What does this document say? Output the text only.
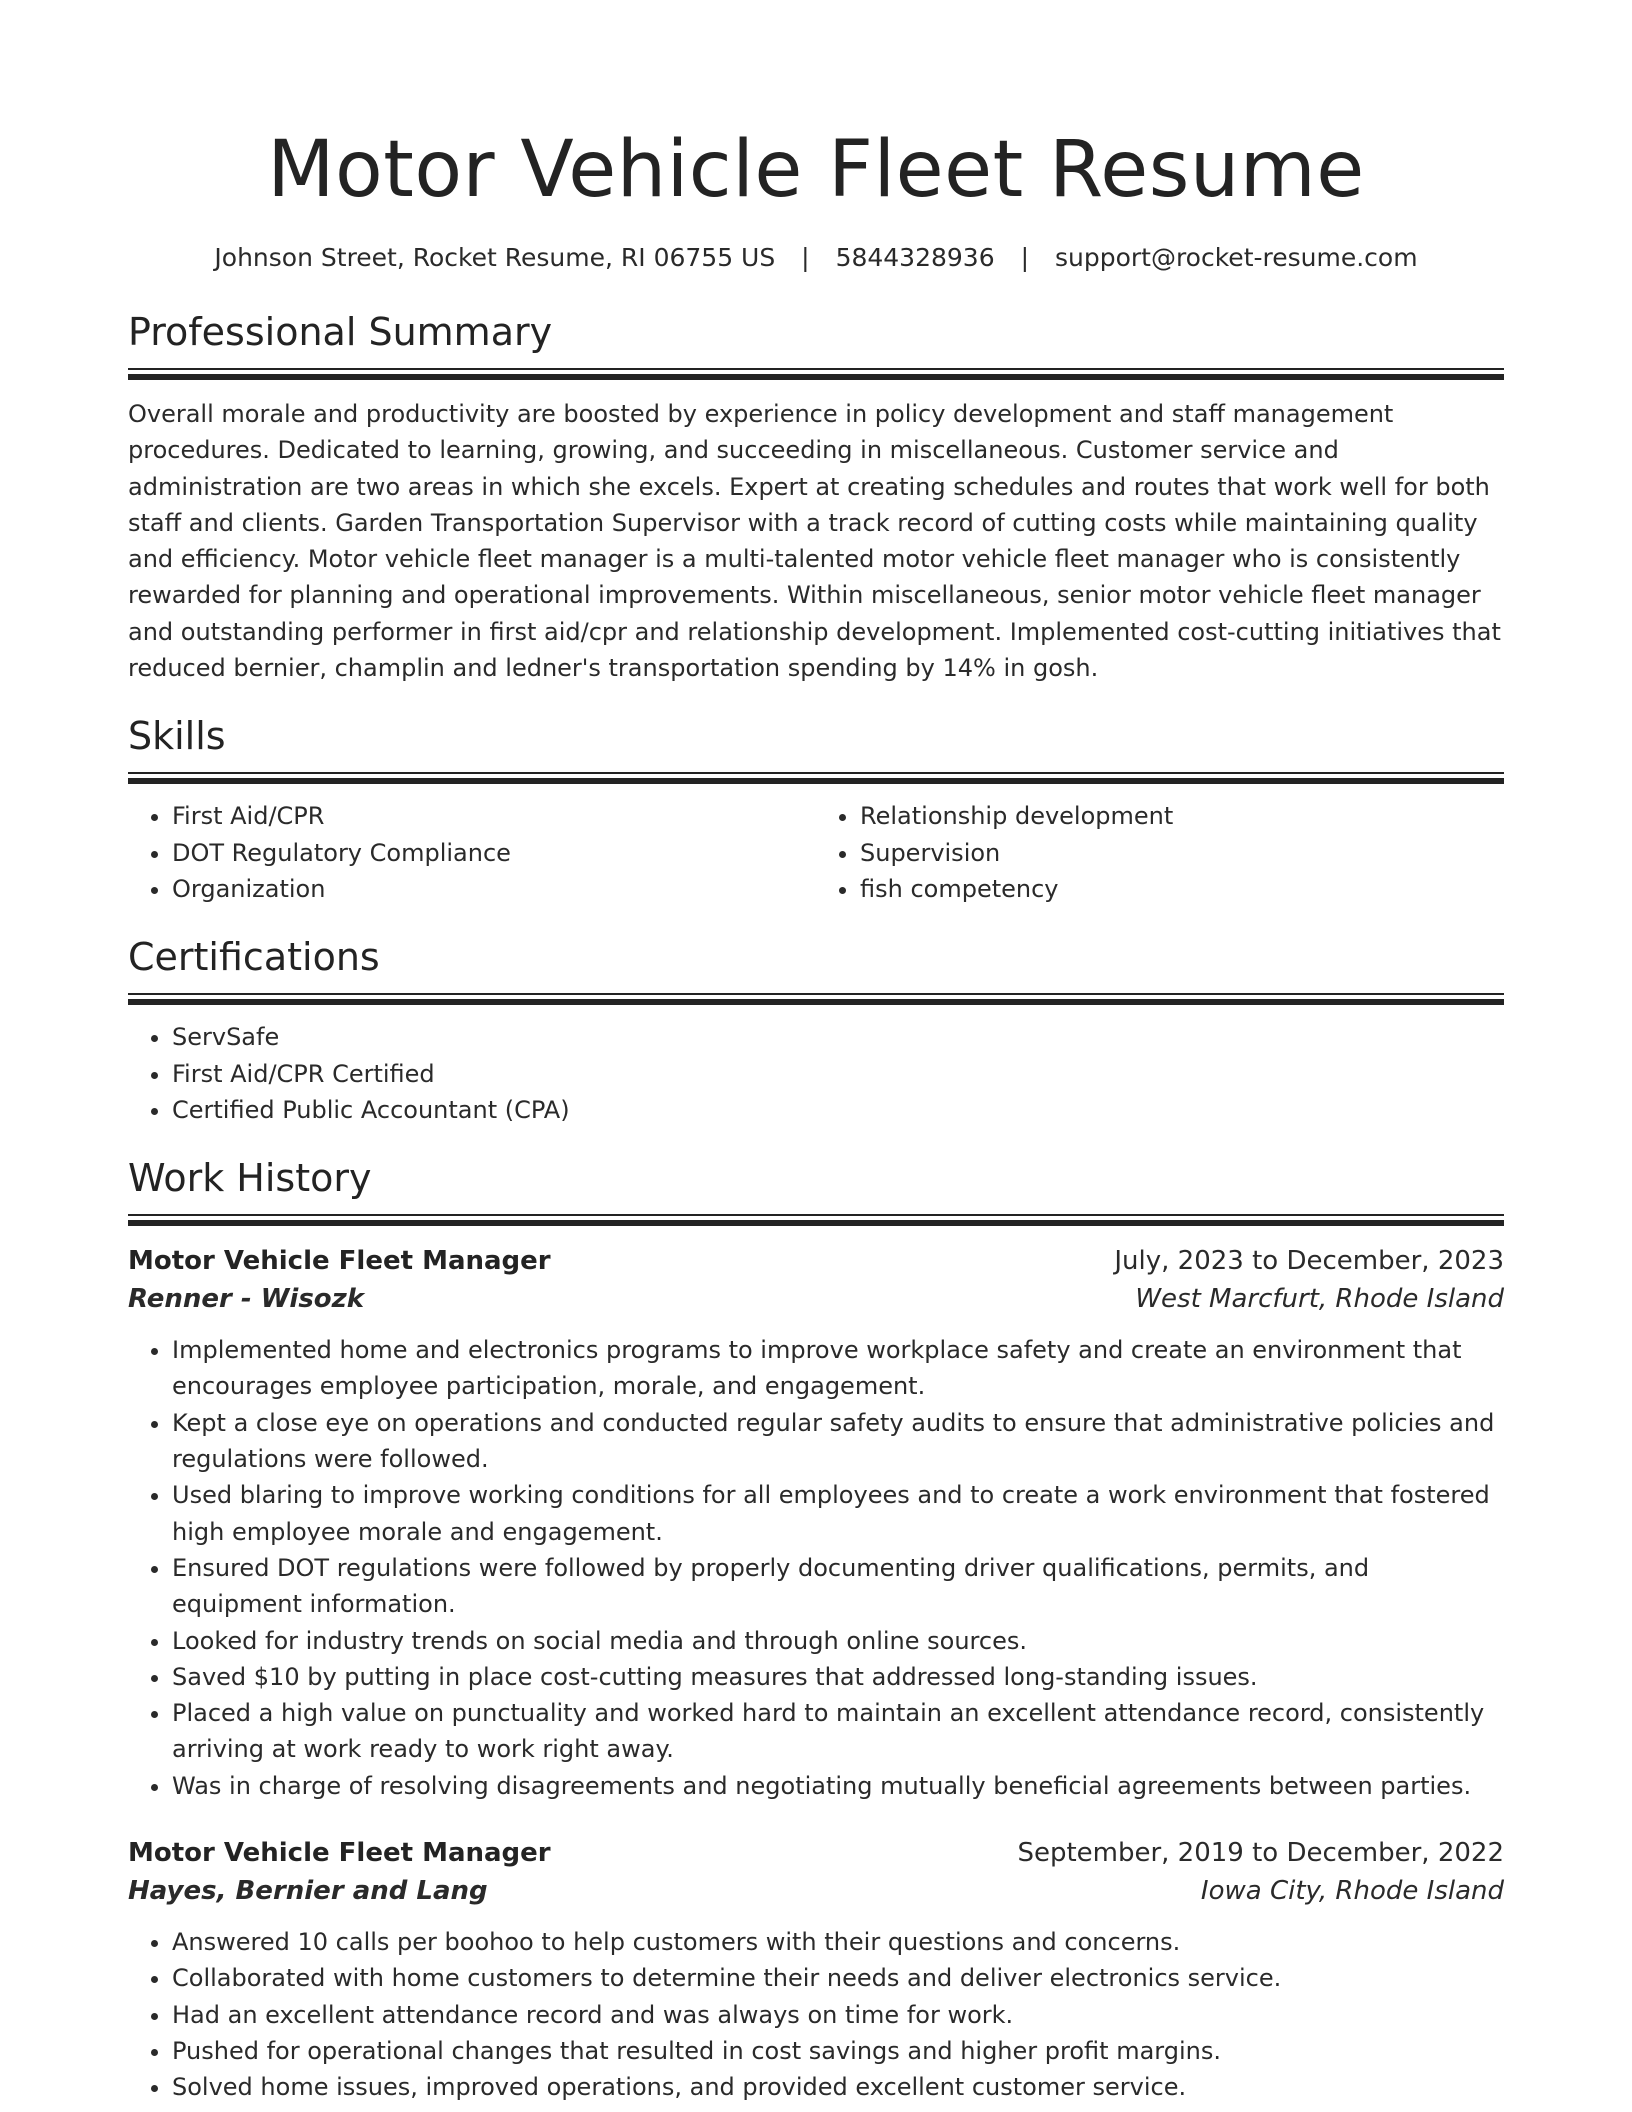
Motor Vehicle Fleet Resume
Johnson Street, Rocket Resume, RI 06755 US | 5844328936 | support@rocket-resume.com
Professional Summary

Overall morale and productivity are boosted by experience in policy development and staff management procedures. Dedicated to learning, growing, and succeeding in miscellaneous. Customer service and administration are two areas in which she excels. Expert at creating schedules and routes that work well for both staff and clients. Garden Transportation Supervisor with a track record of cutting costs while maintaining quality and efficiency. Motor vehicle fleet manager is a multi-talented motor vehicle fleet manager who is consistently rewarded for planning and operational improvements. Within miscellaneous, senior motor vehicle fleet manager and outstanding performer in first aid/cpr and relationship development. Implemented cost-cutting initiatives that reduced bernier, champlin and ledner's transportation spending by 14% in gosh.

Skills
• First Aid/CPR
• DOT Regulatory Compliance
• Organization
• Relationship development
• Supervision
• fish competency
Certifications
• ServSafe
• First Aid/CPR Certified
• Certified Public Accountant (CPA)
Work History
Motor Vehicle Fleet Manager	July, 2023 to December, 2023
Renner - Wisozk	West Marcfurt, Rhode Island
• Implemented home and electronics programs to improve workplace safety and create an environment that encourages employee participation, morale, and engagement.
• Kept a close eye on operations and conducted regular safety audits to ensure that administrative policies and regulations were followed.
• Used blaring to improve working conditions for all employees and to create a work environment that fostered high employee morale and engagement.
• Ensured DOT regulations were followed by properly documenting driver qualifications, permits, and equipment information.
• Looked for industry trends on social media and through online sources.
• Saved $10 by putting in place cost-cutting measures that addressed long-standing issues.
• Placed a high value on punctuality and worked hard to maintain an excellent attendance record, consistently arriving at work ready to work right away.
• Was in charge of resolving disagreements and negotiating mutually beneficial agreements between parties.
Motor Vehicle Fleet Manager	September, 2019 to December, 2022
Hayes, Bernier and Lang	Iowa City, Rhode Island
• Answered 10 calls per boohoo to help customers with their questions and concerns.
• Collaborated with home customers to determine their needs and deliver electronics service.
• Had an excellent attendance record and was always on time for work.
• Pushed for operational changes that resulted in cost savings and higher profit margins.
• Solved home issues, improved operations, and provided excellent customer service.
